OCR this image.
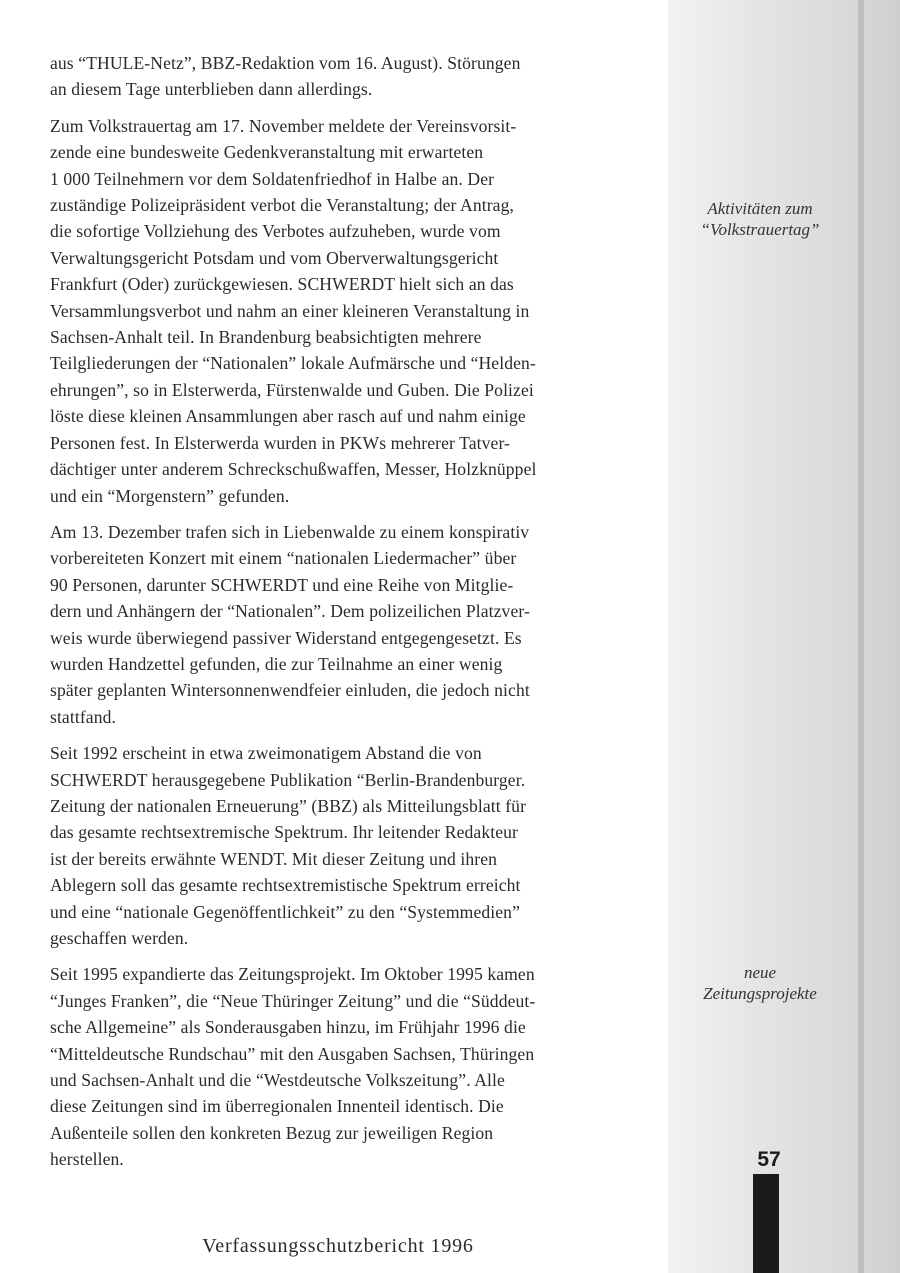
aus “THULE-Netz”, BBZ-Redaktion vom 16. August). Störungen
an diesem Tage unterblieben dann allerdings.

Zum Volkstrauertag am 17. November meldete der Vereinsvorsit-
zende eine bundesweite Gedenkveranstaltung mit erwarteten
1 000 Teilnehmern vor dem Soldatenfriedhof in Halbe an. Der
zuständige Polizeipräsident verbot die Veranstaltung; der Antrag,
die sofortige Vollziehung des Verbotes aufzuheben, wurde vom
Verwaltungsgericht Potsdam und vom Oberverwaltungsgericht
Frankfurt (Oder) zurückgewiesen. SCHWERDT hielt sich an das
Versammlungsverbot und nahm an einer kleineren Veranstaltung in
Sachsen-Anhalt teil. In Brandenburg beabsichtigten mehrere
Teilgliederungen der “Nationalen” lokale Aufmärsche und “Helden-
ehrungen”, so in Elsterwerda, Fürstenwalde und Guben. Die Polizei
löste diese kleinen Ansammlungen aber rasch auf und nahm einige
Personen fest. In Elsterwerda wurden in PKWs mehrerer Tatver-
dächtiger unter anderem Schreckschußwaffen, Messer, Holzknüppel
und ein “Morgenstern” gefunden.

Am 13. Dezember trafen sich in Liebenwalde zu einem konspirativ
vorbereiteten Konzert mit einem “nationalen Liedermacher” über
90 Personen, darunter SCHWERDT und eine Reihe von Mitglie-
dern und Anhängern der “Nationalen”. Dem polizeilichen Platzver-
weis wurde überwiegend passiver Widerstand entgegengesetzt. Es
wurden Handzettel gefunden, die zur Teilnahme an einer wenig
später geplanten Wintersonnenwendfeier einluden, die jedoch nicht
stattfand.

Seit 1992 erscheint in etwa zweimonatigem Abstand die von
SCHWERDT herausgegebene Publikation “Berlin-Brandenburger.
Zeitung der nationalen Erneuerung” (BBZ) als Mitteilungsblatt für
das gesamte rechtsextremische Spektrum. Ihr leitender Redakteur
ist der bereits erwähnte WENDT. Mit dieser Zeitung und ihren
Ablegern soll das gesamte rechtsextremistische Spektrum erreicht
und eine “nationale Gegenöffentlichkeit” zu den “Systemmedien”
geschaffen werden.

Seit 1995 expandierte das Zeitungsprojekt. Im Oktober 1995 kamen
“Junges Franken”, die “Neue Thüringer Zeitung” und die “Süddeut-
sche Allgemeine” als Sonderausgaben hinzu, im Frühjahr 1996 die
“Mitteldeutsche Rundschau” mit den Ausgaben Sachsen, Thüringen
und Sachsen-Anhalt und die “Westdeutsche Volkszeitung”. Alle
diese Zeitungen sind im überregionalen Innenteil identisch. Die
Außenteile sollen den konkreten Bezug zur jeweiligen Region
herstellen.

Aktivitäten zum
“Volkstrauertag”
neue
Zeitungsprojekte
57
Verfassungsschutzbericht 1996
